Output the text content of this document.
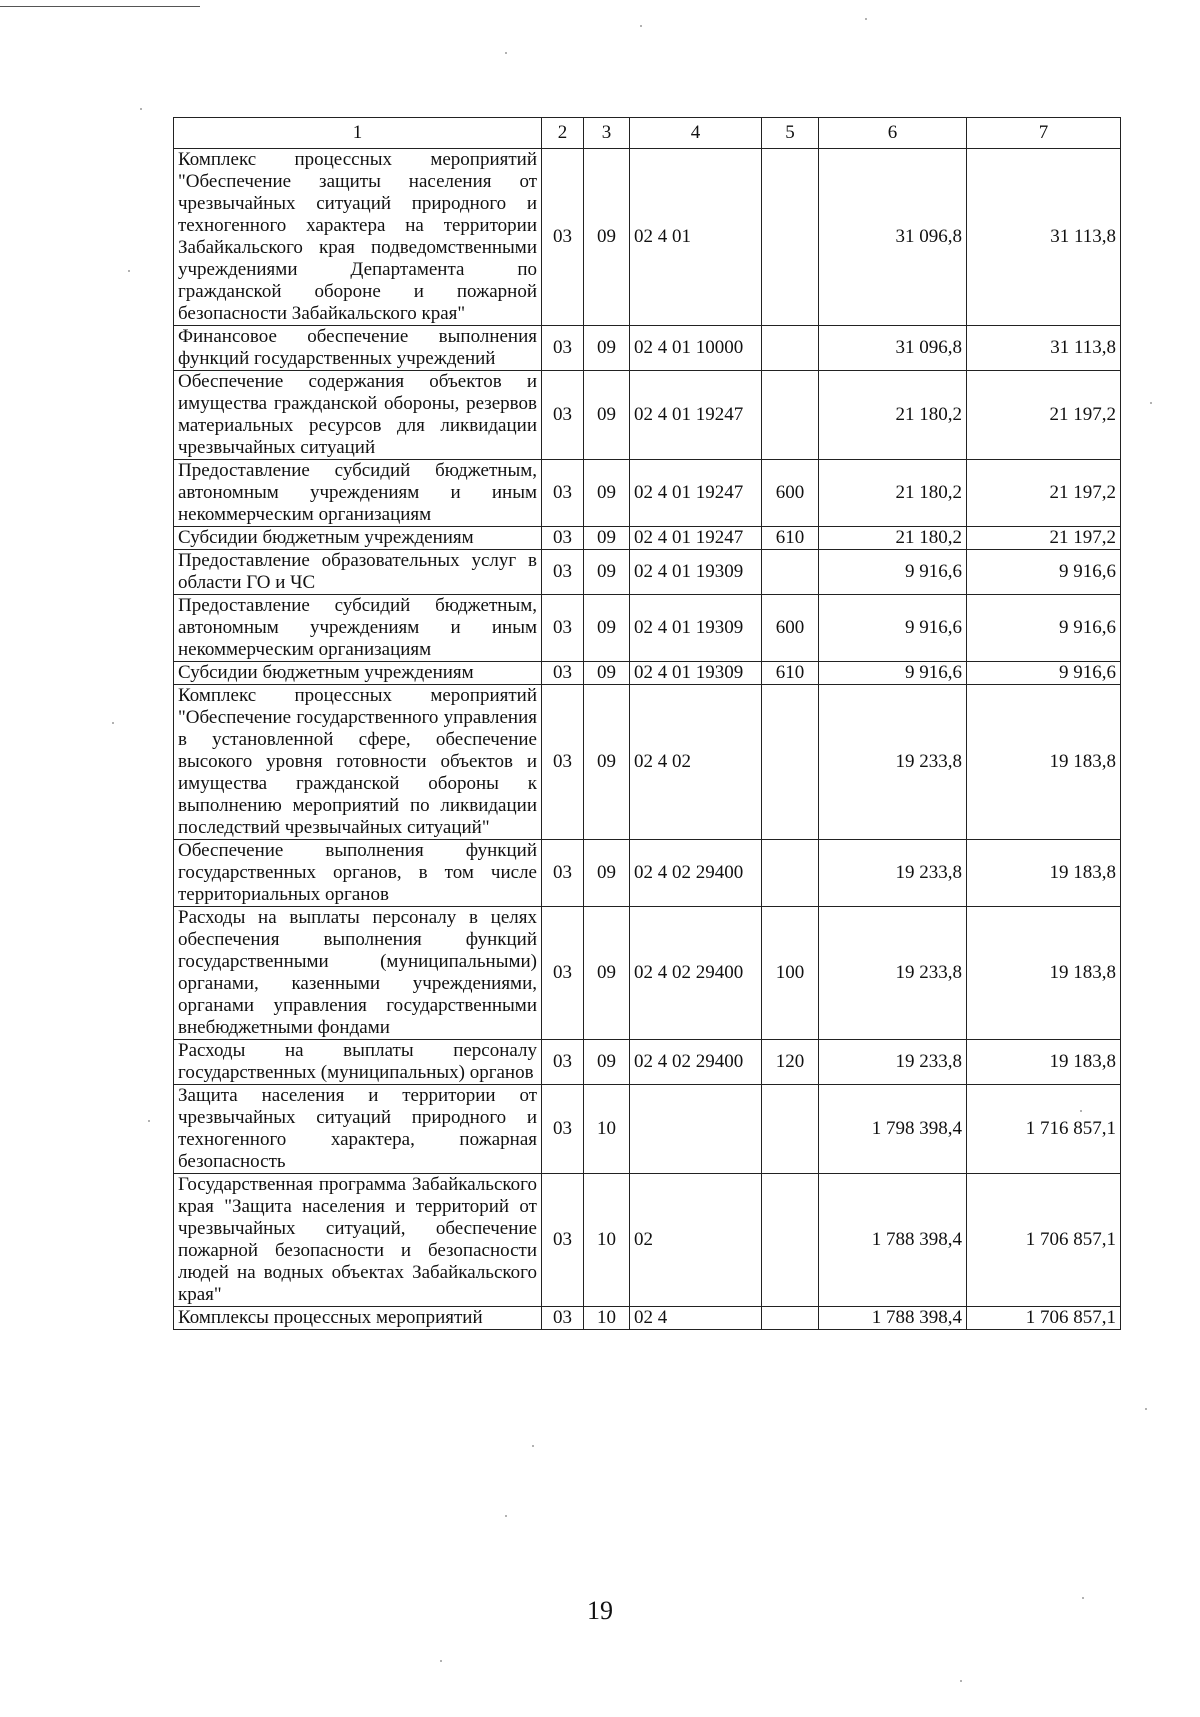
1	2	3	4	5	6	7
Комплекс процессных мероприятий "Обеспечение защиты населения от чрезвычайных ситуаций природного и техногенного характера на территории Забайкальского края подведомственными учреждениями Департамента по гражданской обороне и пожарной безопасности Забайкальского края"	03	09	02 4 01		31 096,8	31 113,8
Финансовое обеспечение выполнения функций государственных учреждений	03	09	02 4 01 10000		31 096,8	31 113,8
Обеспечение содержания объектов и имущества гражданской обороны, резервов материальных ресурсов для ликвидации чрезвычайных ситуаций	03	09	02 4 01 19247		21 180,2	21 197,2
Предоставление субсидий бюджетным, автономным учреждениям и иным некоммерческим организациям	03	09	02 4 01 19247	600	21 180,2	21 197,2
Субсидии бюджетным учреждениям	03	09	02 4 01 19247	610	21 180,2	21 197,2
Предоставление образовательных услуг в области ГО и ЧС	03	09	02 4 01 19309		9 916,6	9 916,6
Предоставление субсидий бюджетным, автономным учреждениям и иным некоммерческим организациям	03	09	02 4 01 19309	600	9 916,6	9 916,6
Субсидии бюджетным учреждениям	03	09	02 4 01 19309	610	9 916,6	9 916,6
Комплекс процессных мероприятий "Обеспечение государственного управления в установленной сфере, обеспечение высокого уровня готовности объектов и имущества гражданской обороны к выполнению мероприятий по ликвидации последствий чрезвычайных ситуаций"	03	09	02 4 02		19 233,8	19 183,8
Обеспечение выполнения функций государственных органов, в том числе территориальных органов	03	09	02 4 02 29400		19 233,8	19 183,8
Расходы на выплаты персоналу в целях обеспечения выполнения функций государственными (муниципальными) органами, казенными учреждениями, органами управления государственными внебюджетными фондами	03	09	02 4 02 29400	100	19 233,8	19 183,8
Расходы на выплаты персоналу государственных (муниципальных) органов	03	09	02 4 02 29400	120	19 233,8	19 183,8
Защита населения и территории от чрезвычайных ситуаций природного и техногенного характера, пожарная безопасность	03	10			1 798 398,4	1 716 857,1
Государственная программа Забайкальского края "Защита населения и территорий от чрезвычайных ситуаций, обеспечение пожарной безопасности и безопасности людей на водных объектах Забайкальского края"	03	10	02		1 788 398,4	1 706 857,1
Комплексы процессных мероприятий	03	10	02 4		1 788 398,4	1 706 857,1
19
